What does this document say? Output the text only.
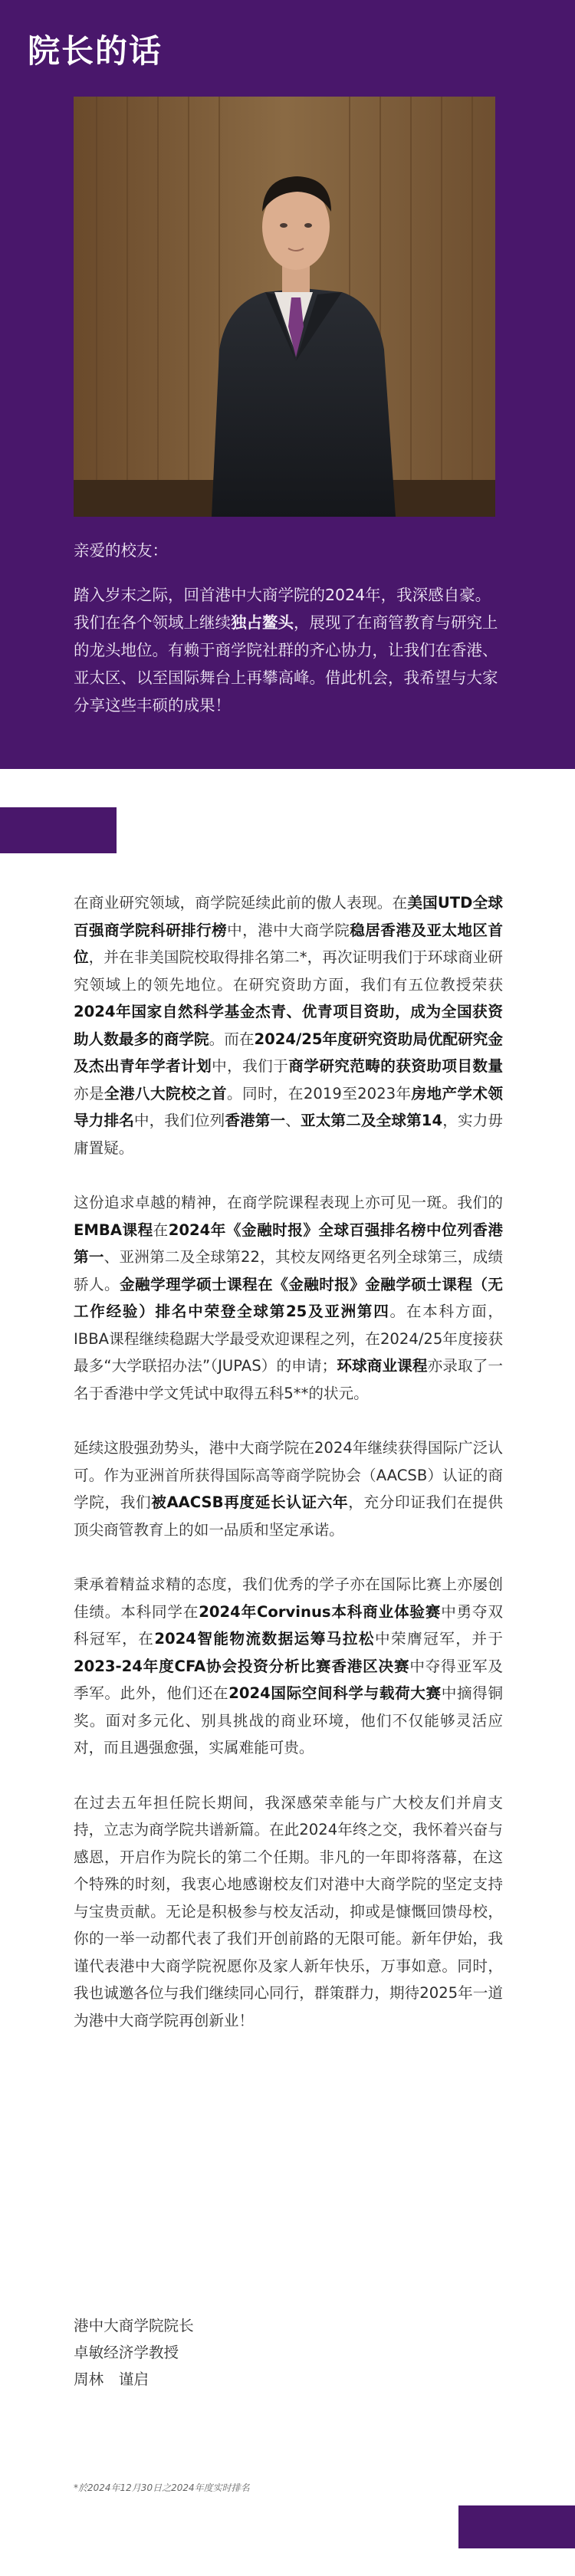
院长的话

亲爱的校友：

踏入岁末之际，回首港中大商学院的2024年，我深感自豪。我们在各个领域上继续独占鳌头，展现了在商管教育与研究上的龙头地位。有赖于商学院社群的齐心协力，让我们在香港、亚太区、以至国际舞台上再攀高峰。借此机会，我希望与大家分享这些丰硕的成果！

在商业研究领域，商学院延续此前的傲人表现。在美国UTD全球百强商学院科研排行榜中，港中大商学院稳居香港及亚太地区首位，并在非美国院校取得排名第二*，再次证明我们于环球商业研究领域上的领先地位。在研究资助方面，我们有五位教授荣获2024年国家自然科学基金杰青、优青项目资助，成为全国获资助人数最多的商学院。而在2024/25年度研究资助局优配研究金及杰出青年学者计划中，我们于商学研究范畴的获资助项目数量亦是全港八大院校之首。同时，在2019至2023年房地产学术领导力排名中，我们位列香港第一、亚太第二及全球第14，实力毋庸置疑。

这份追求卓越的精神，在商学院课程表现上亦可见一斑。我们的EMBA课程在2024年《金融时报》全球百强排名榜中位列香港第一、亚洲第二及全球第22，其校友网络更名列全球第三，成绩骄人。金融学理学硕士课程在《金融时报》金融学硕士课程（无工作经验）排名中荣登全球第25及亚洲第四。在本科方面，IBBA课程继续稳踞大学最受欢迎课程之列，在2024/25年度接获最多“大学联招办法”（JUPAS）的申请；环球商业课程亦录取了一名于香港中学文凭试中取得五科5**的状元。

延续这股强劲势头，港中大商学院在2024年继续获得国际广泛认可。作为亚洲首所获得国际高等商学院协会（AACSB）认证的商学院，我们被AACSB再度延长认证六年，充分印证我们在提供顶尖商管教育上的如一品质和坚定承诺。

秉承着精益求精的态度，我们优秀的学子亦在国际比赛上亦屡创佳绩。本科同学在2024年Corvinus本科商业体验赛中勇夺双科冠军，在2024智能物流数据运筹马拉松中荣膺冠军，并于2023-24年度CFA协会投资分析比赛香港区决赛中夺得亚军及季军。此外，他们还在2024国际空间科学与载荷大赛中摘得铜奖。面对多元化、别具挑战的商业环境，他们不仅能够灵活应对，而且遇强愈强，实属难能可贵。

在过去五年担任院长期间，我深感荣幸能与广大校友们并肩支持，立志为商学院共谱新篇。在此2024年终之交，我怀着兴奋与感恩，开启作为院长的第二个任期。非凡的一年即将落幕，在这个特殊的时刻，我衷心地感谢校友们对港中大商学院的坚定支持与宝贵贡献。无论是积极参与校友活动，抑或是慷慨回馈母校，你的一举一动都代表了我们开创前路的无限可能。新年伊始，我谨代表港中大商学院祝愿你及家人新年快乐，万事如意。同时，我也诚邀各位与我们继续同心同行，群策群力，期待2025年一道为港中大商学院再创新业！

港中大商学院院长
卓敏经济学教授
周林　谨启
*於2024年12月30日之2024年度实时排名
